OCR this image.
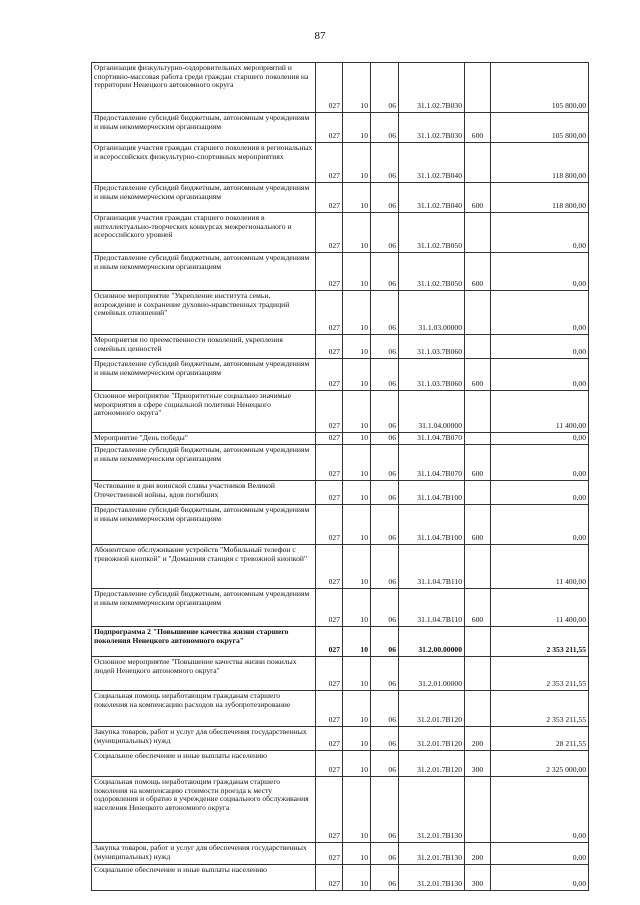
87
Организация физкультурно-оздоровительных мероприятий и спортивно-массовая работа среди граждан старшего поколения на территории Ненецкого автономного округа	027	10	06	31.1.02.7В030		105 800,00
Предоставление субсидий бюджетным, автономным учреждениям и иным некоммерческим организациям	027	10	06	31.1.02.7В030	600	105 800,00
Организация участия граждан старшего поколения в региональных и всероссийских физкультурно-спортивных мероприятиях	027	10	06	31.1.02.7В040		118 800,00
Предоставление субсидий бюджетным, автономным учреждениям и иным некоммерческим организациям	027	10	06	31.1.02.7В040	600	118 800,00
Организация участия граждан старшего поколения в интеллектуально-творческих конкурсах межрегионального и всероссийского уровней	027	10	06	31.1.02.7В050		0,00
Предоставление субсидий бюджетным, автономным учреждениям и иным некоммерческим организациям	027	10	06	31.1.02.7В050	600	0,00
Основное мероприятие "Укрепление института семьи, возрождение и сохранение духовно-нравственных традиций семейных отношений"	027	10	06	31.1.03.00000		0,00
Мероприятия по преемственности поколений, укрепления семейных ценностей	027	10	06	31.1.03.7В060		0,00
Предоставление субсидий бюджетным, автономным учреждениям и иным некоммерческим организациям	027	10	06	31.1.03.7В060	600	0,00
Основное мероприятие "Приоритетные социально значимые мероприятия в сфере социальной политики Ненецкого автономного округа"	027	10	06	31.1.04.00000		11 400,00
Мероприятие "День победы"	027	10	06	31.1.04.7В070		0,00
Предоставление субсидий бюджетным, автономным учреждениям и иным некоммерческим организациям	027	10	06	31.1.04.7В070	600	0,00
Чествование в дни воинской славы участников Великой Отечественной войны, вдов погибших	027	10	06	31.1.04.7В100		0,00
Предоставление субсидий бюджетным, автономным учреждениям и иным некоммерческим организациям	027	10	06	31.1.04.7В100	600	0,00
Абонентское обслуживание устройств "Мобильный телефон с тревожной кнопкой" и "Домашняя станция с тревожной кнопкой"	027	10	06	31.1.04.7В110		11 400,00
Предоставление субсидий бюджетным, автономным учреждениям и иным некоммерческим организациям	027	10	06	31.1.04.7В110	600	11 400,00
Подпрограмма 2 "Повышение качества жизни старшего поколения Ненецкого автономного округа"	027	10	06	31.2.00.00000		2 353 211,55
Основное мероприятие "Повышение качества жизни пожилых людей Ненецкого автономного округа"	027	10	06	31.2.01.00000		2 353 211,55
Социальная помощь неработающим гражданам старшего поколения на компенсацию расходов на зубопротезирование	027	10	06	31.2.01.7В120		2 353 211,55
Закупка товаров, работ и услуг для обеспечения государственных (муниципальных) нужд	027	10	06	31.2.01.7В120	200	28 211,55
Социальное обеспечение и иные выплаты населению	027	10	06	31.2.01.7В120	300	2 325 000,00
Социальная помощь неработающим гражданам старшего поколения на компенсацию стоимости проезда к месту оздоровления и обратно в учреждение социального обслуживания населения Ненецкого автономного округа	027	10	06	31.2.01.7В130		0,00
Закупка товаров, работ и услуг для обеспечения государственных (муниципальных) нужд	027	10	06	31.2.01.7В130	200	0,00
Социальное обеспечение и иные выплаты населению	027	10	06	31.2.01.7В130	300	0,00
